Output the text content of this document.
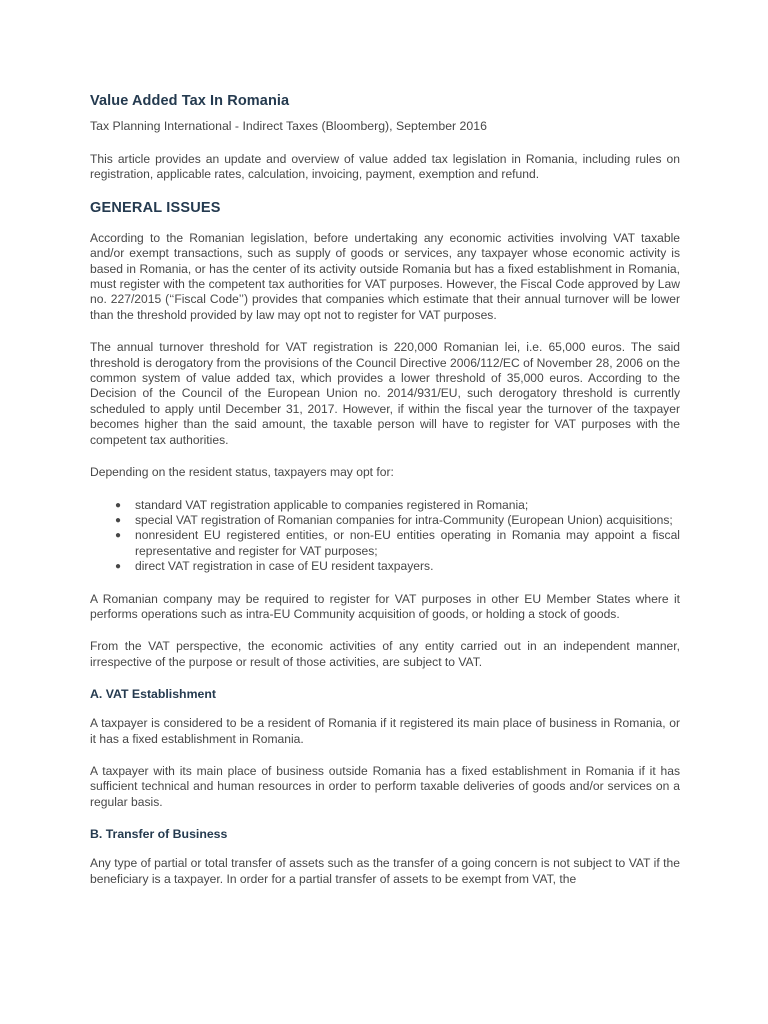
Value Added Tax In Romania
Tax Planning International - Indirect Taxes (Bloomberg), September 2016

This article provides an update and overview of value added tax legislation in Romania, including rules on registration, applicable rates, calculation, invoicing, payment, exemption and refund.

GENERAL ISSUES

According to the Romanian legislation, before undertaking any economic activities involving VAT taxable and/or exempt transactions, such as supply of goods or services, any taxpayer whose economic activity is based in Romania, or has the center of its activity outside Romania but has a fixed establishment in Romania, must register with the competent tax authorities for VAT purposes. However, the Fiscal Code approved by Law no. 227/2015 (‘‘Fiscal Code’’) provides that companies which estimate that their annual turnover will be lower than the threshold provided by law may opt not to register for VAT purposes.

The annual turnover threshold for VAT registration is 220,000 Romanian lei, i.e. 65,000 euros. The said threshold is derogatory from the provisions of the Council Directive 2006/112/EC of November 28, 2006 on the common system of value added tax, which provides a lower threshold of 35,000 euros. According to the Decision of the Council of the European Union no. 2014/931/EU, such derogatory threshold is currently scheduled to apply until December 31, 2017. However, if within the fiscal year the turnover of the taxpayer becomes higher than the said amount, the taxable person will have to register for VAT purposes with the competent tax authorities.

Depending on the resident status, taxpayers may opt for:

● standard VAT registration applicable to companies registered in Romania;
● special VAT registration of Romanian companies for intra-Community (European Union) acquisitions;
● nonresident EU registered entities, or non-EU entities operating in Romania may appoint a fiscal representative and register for VAT purposes;
● direct VAT registration in case of EU resident taxpayers.

A Romanian company may be required to register for VAT purposes in other EU Member States where it performs operations such as intra-EU Community acquisition of goods, or holding a stock of goods.

From the VAT perspective, the economic activities of any entity carried out in an independent manner, irrespective of the purpose or result of those activities, are subject to VAT.

A. VAT Establishment

A taxpayer is considered to be a resident of Romania if it registered its main place of business in Romania, or it has a fixed establishment in Romania.

A taxpayer with its main place of business outside Romania has a fixed establishment in Romania if it has sufficient technical and human resources in order to perform taxable deliveries of goods and/or services on a regular basis.

B. Transfer of Business

Any type of partial or total transfer of assets such as the transfer of a going concern is not subject to VAT if the beneficiary is a taxpayer. In order for a partial transfer of assets to be exempt from VAT, the
